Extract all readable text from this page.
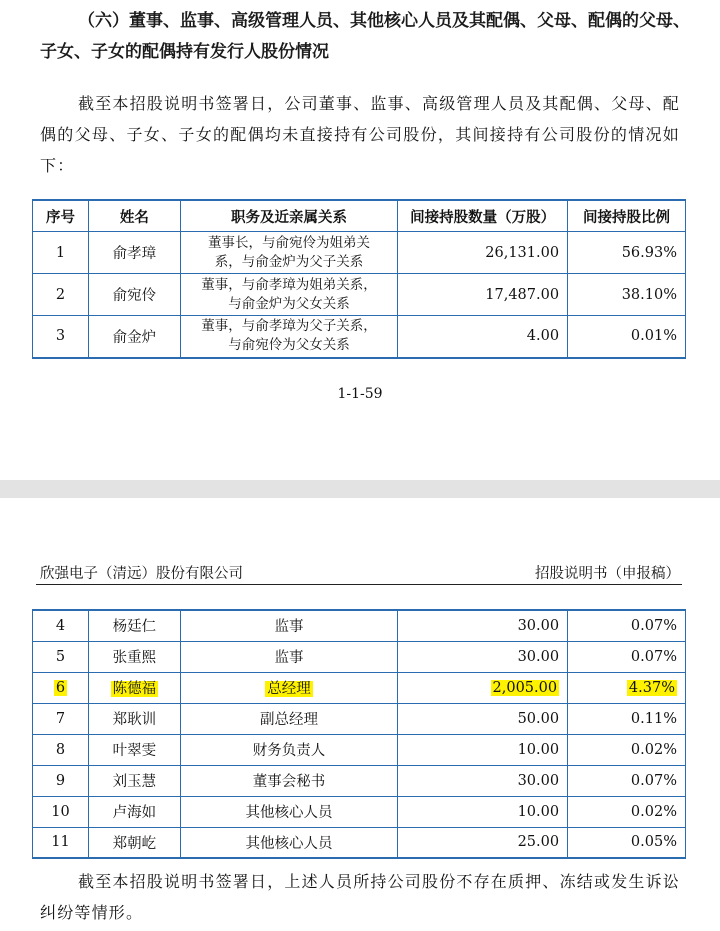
（六）董事、监事、高级管理人员、其他核心人员及其配偶、父母、配偶的父母、子女、子女的配偶持有发行人股份情况
截至本招股说明书签署日，公司董事、监事、高级管理人员及其配偶、父母、配偶的父母、子女、子女的配偶均未直接持有公司股份，其间接持有公司股份的情况如下：
序号	姓名	职务及近亲属关系	间接持股数量（万股）	间接持股比例
1	俞孝璋	董事长，与俞宛伶为姐弟关
系，与俞金炉为父子关系	26,131.00	56.93%
2	俞宛伶	董事，与俞孝璋为姐弟关系，
与俞金炉为父女关系	17,487.00	38.10%
3	俞金炉	董事，与俞孝璋为父子关系，
与俞宛伶为父女关系	4.00	0.01%
1-1-59
欣强电子（清远）股份有限公司	招股说明书（申报稿）
4	杨廷仁	监事	30.00	0.07%
5	张重熙	监事	30.00	0.07%
6	陈德福	总经理	2,005.00	4.37%
7	郑耿训	副总经理	50.00	0.11%
8	叶翠雯	财务负责人	10.00	0.02%
9	刘玉慧	董事会秘书	30.00	0.07%
10	卢海如	其他核心人员	10.00	0.02%
11	郑朝屹	其他核心人员	25.00	0.05%
截至本招股说明书签署日，上述人员所持公司股份不存在质押、冻结或发生诉讼纠纷等情形。
